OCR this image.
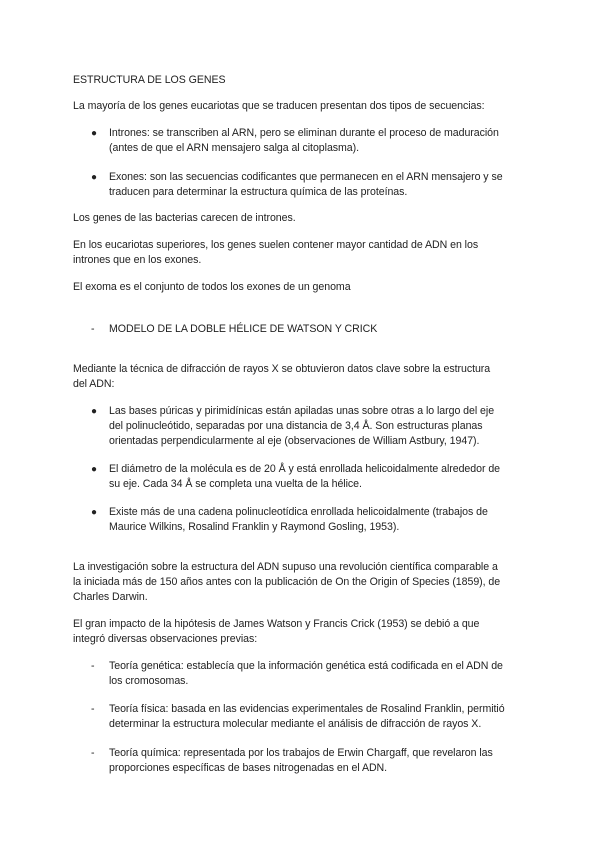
ESTRUCTURA DE LOS GENES
La mayoría de los genes eucariotas que se traducen presentan dos tipos de secuencias:
● Intrones: se transcriben al ARN, pero se eliminan durante el proceso de maduración
(antes de que el ARN mensajero salga al citoplasma).
● Exones: son las secuencias codificantes que permanecen en el ARN mensajero y se
traducen para determinar la estructura química de las proteínas.
Los genes de las bacterias carecen de intrones.
En los eucariotas superiores, los genes suelen contener mayor cantidad de ADN en los
intrones que en los exones.
El exoma es el conjunto de todos los exones de un genoma
- MODELO DE LA DOBLE HÉLICE DE WATSON Y CRICK
Mediante la técnica de difracción de rayos X se obtuvieron datos clave sobre la estructura
del ADN:
● Las bases púricas y pirimidínicas están apiladas unas sobre otras a lo largo del eje
del polinucleótido, separadas por una distancia de 3,4 Å. Son estructuras planas
orientadas perpendicularmente al eje (observaciones de William Astbury, 1947).
● El diámetro de la molécula es de 20 Å y está enrollada helicoidalmente alrededor de
su eje. Cada 34 Å se completa una vuelta de la hélice.
● Existe más de una cadena polinucleotídica enrollada helicoidalmente (trabajos de
Maurice Wilkins, Rosalind Franklin y Raymond Gosling, 1953).
La investigación sobre la estructura del ADN supuso una revolución científica comparable a
la iniciada más de 150 años antes con la publicación de On the Origin of Species (1859), de
Charles Darwin.
El gran impacto de la hipótesis de James Watson y Francis Crick (1953) se debió a que
integró diversas observaciones previas:
- Teoría genética: establecía que la información genética está codificada en el ADN de
los cromosomas.
- Teoría física: basada en las evidencias experimentales de Rosalind Franklin, permitió
determinar la estructura molecular mediante el análisis de difracción de rayos X.
- Teoría química: representada por los trabajos de Erwin Chargaff, que revelaron las
proporciones específicas de bases nitrogenadas en el ADN.
